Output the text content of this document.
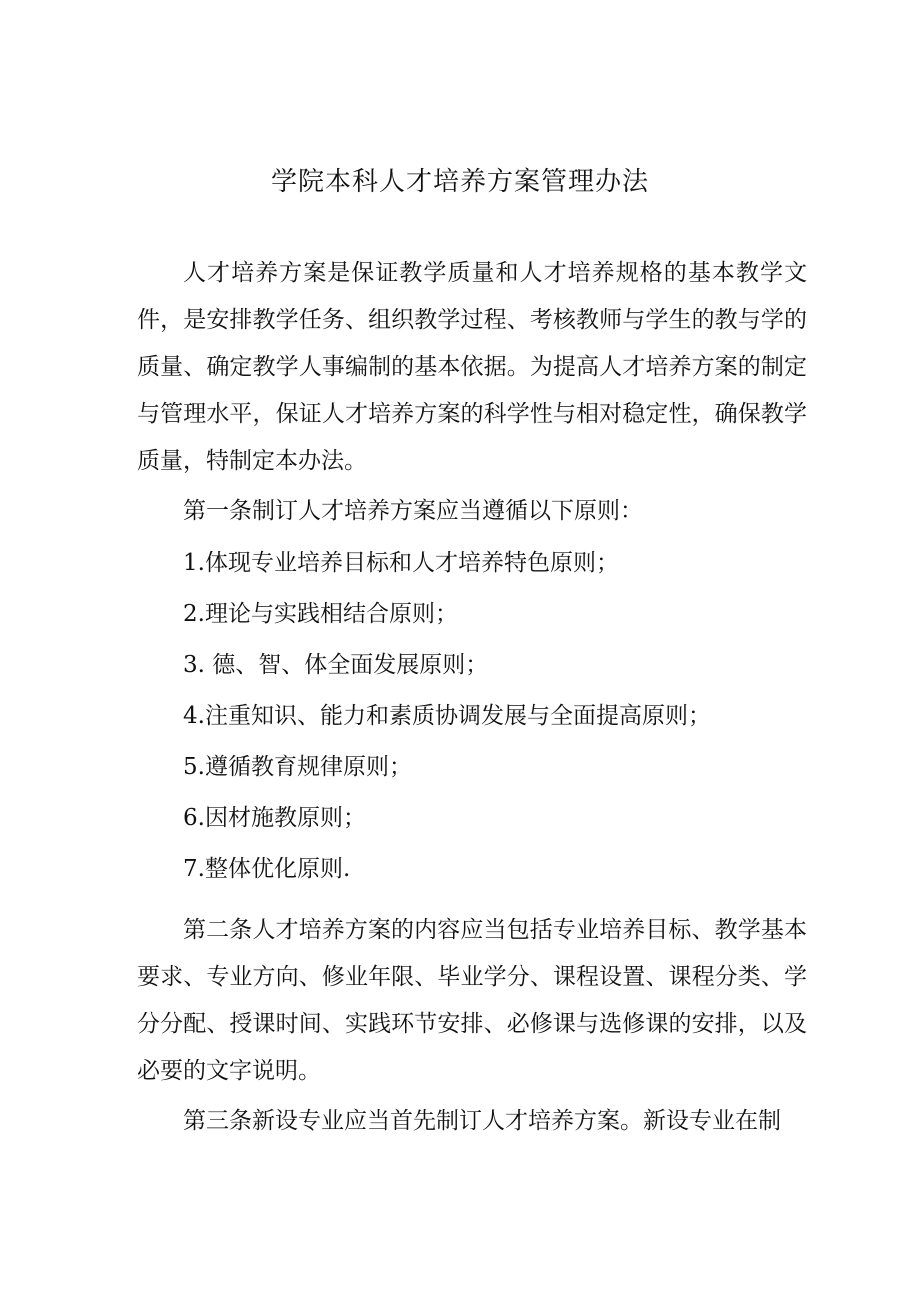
学院本科人才培养方案管理办法

人才培养方案是保证教学质量和人才培养规格的基本教学文件，是安排教学任务、组织教学过程、考核教师与学生的教与学的质量、确定教学人事编制的基本依据。为提高人才培养方案的制定与管理水平，保证人才培养方案的科学性与相对稳定性，确保教学质量，特制定本办法。

第一条制订人才培养方案应当遵循以下原则：

1.体现专业培养目标和人才培养特色原则；

2.理论与实践相结合原则；

3. 德、智、体全面发展原则；

4.注重知识、能力和素质协调发展与全面提高原则；

5.遵循教育规律原则；

6.因材施教原则；

7.整体优化原则.

第二条人才培养方案的内容应当包括专业培养目标、教学基本要求、专业方向、修业年限、毕业学分、课程设置、课程分类、学分分配、授课时间、实践环节安排、必修课与选修课的安排，以及必要的文字说明。

第三条新设专业应当首先制订人才培养方案。新设专业在制
